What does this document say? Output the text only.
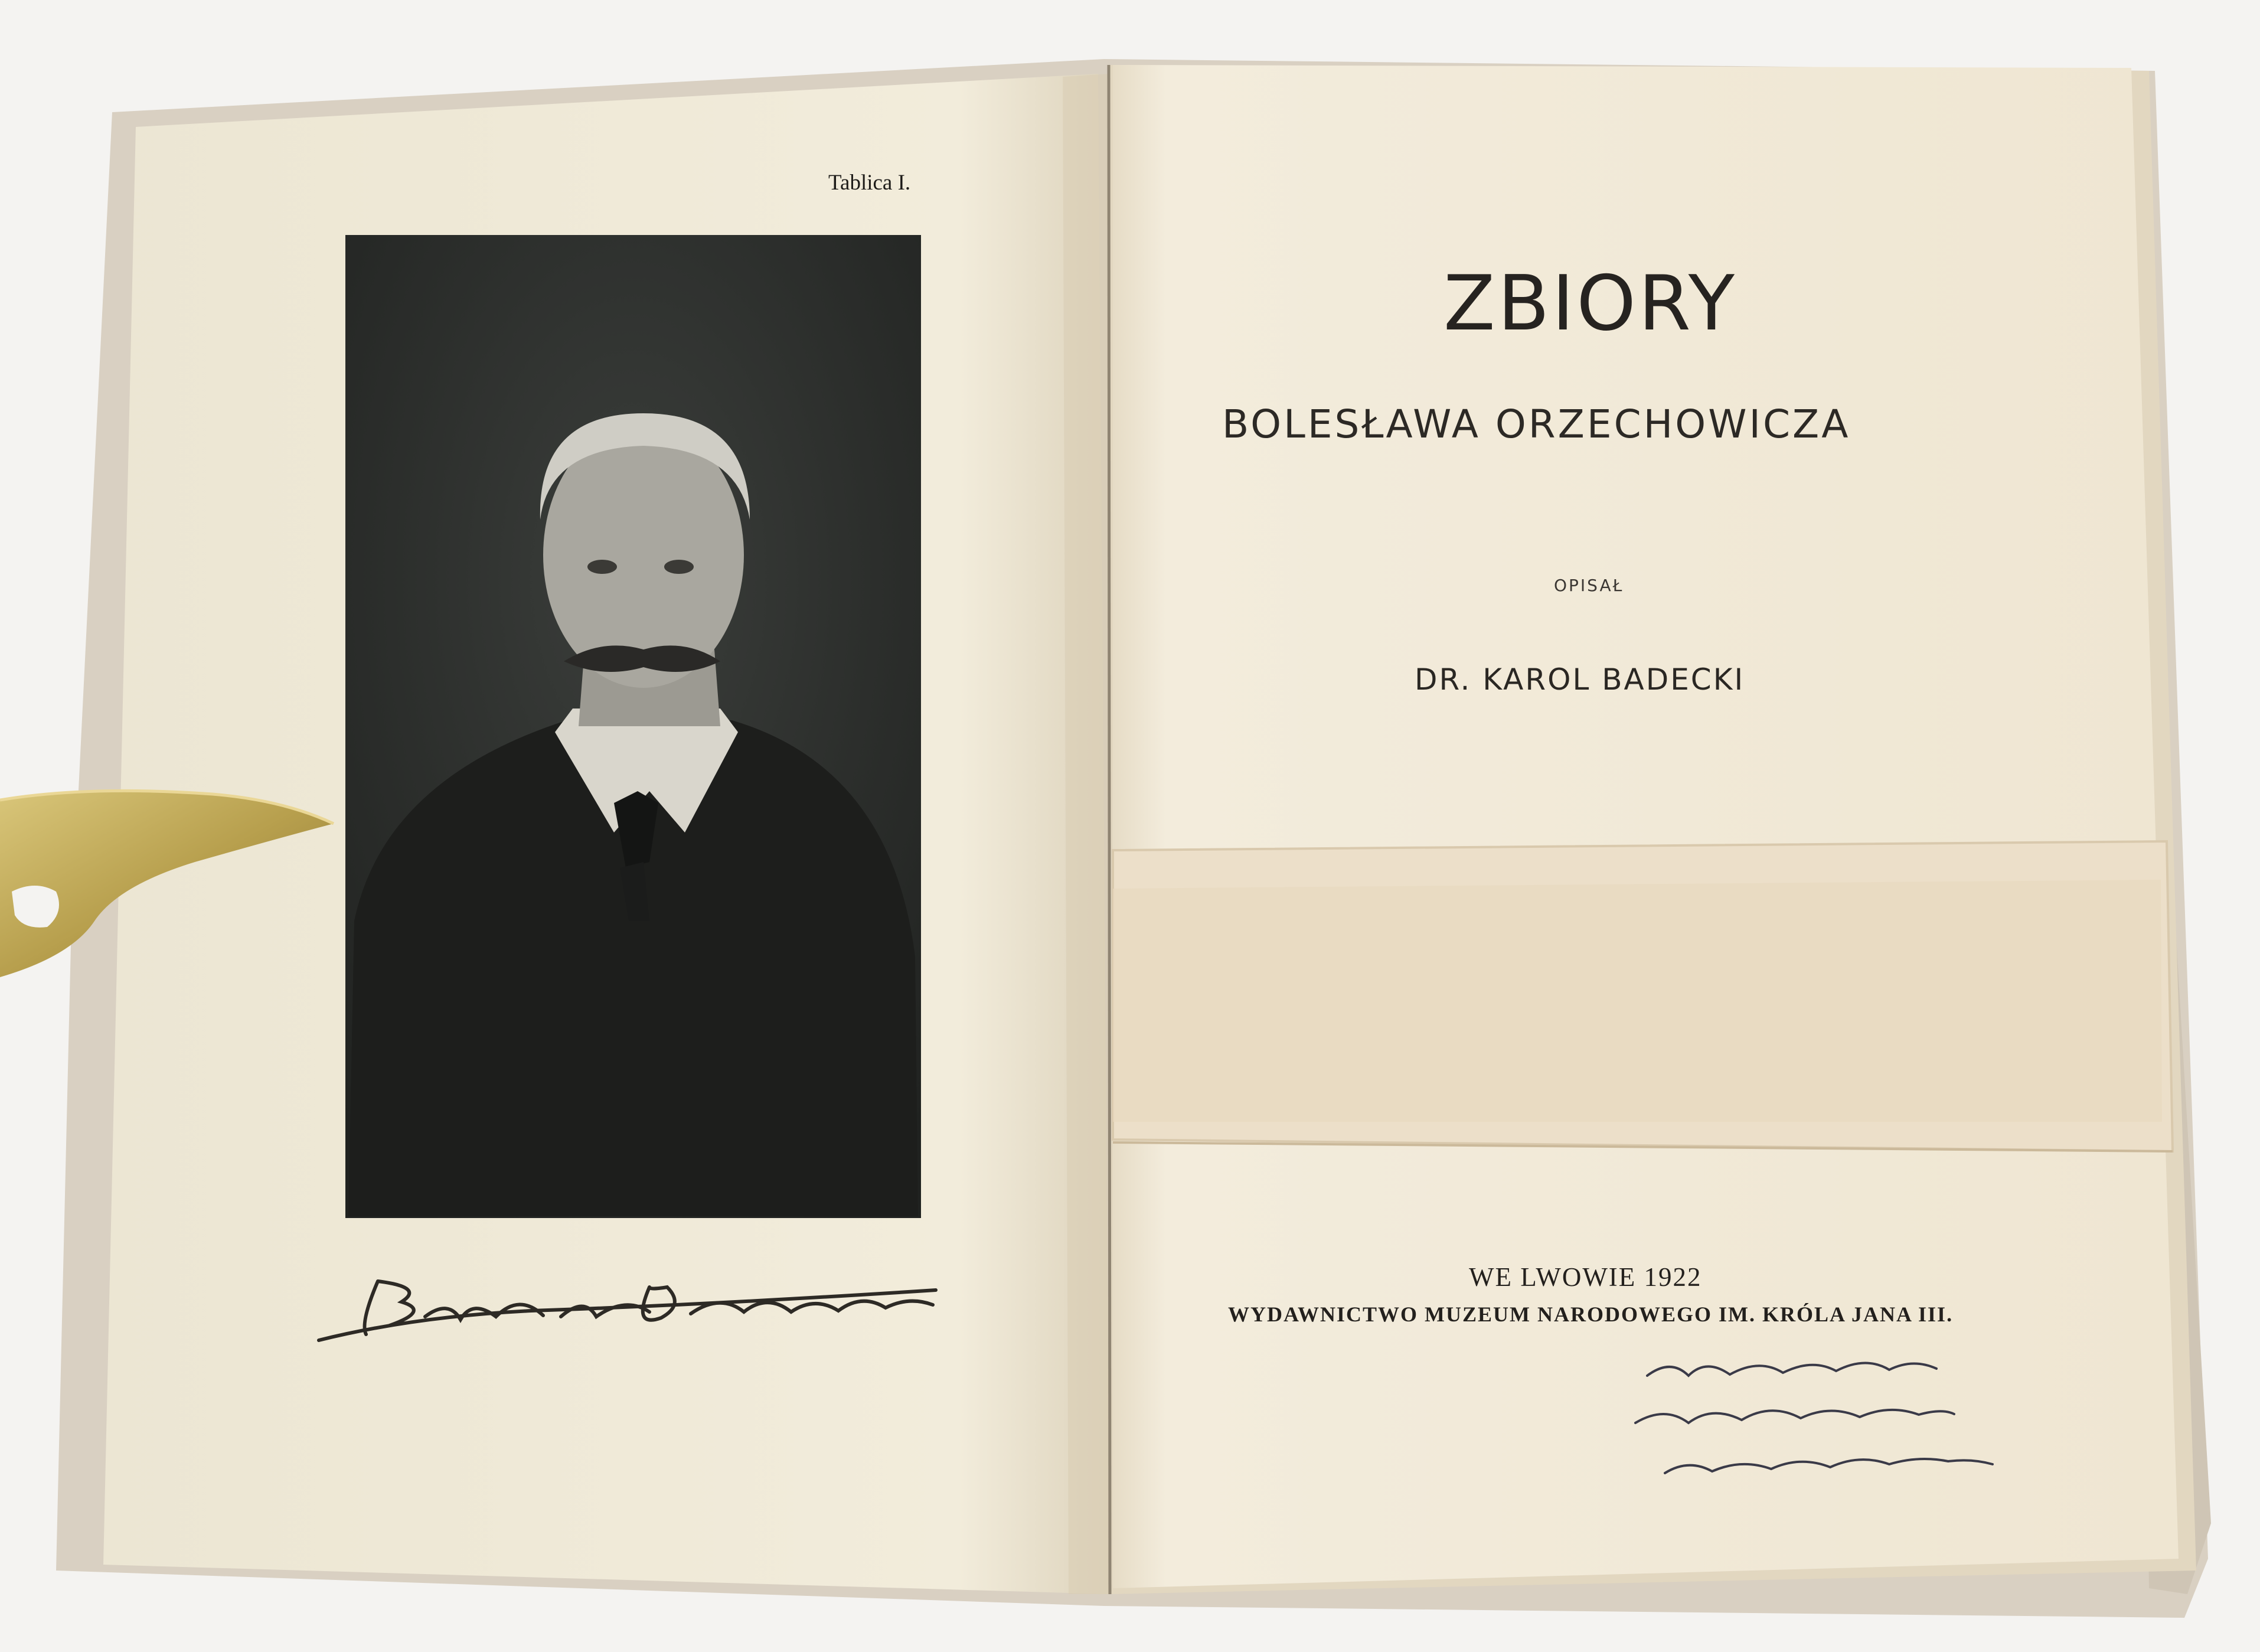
Tablica I.
ZBIORY
BOLESŁAWA ORZECHOWICZA
OPISAŁ
DR. KAROL BADECKI
WE LWOWIE 1922
WYDAWNICTWO MUZEUM NARODOWEGO IM. KRÓLA JANA III.
